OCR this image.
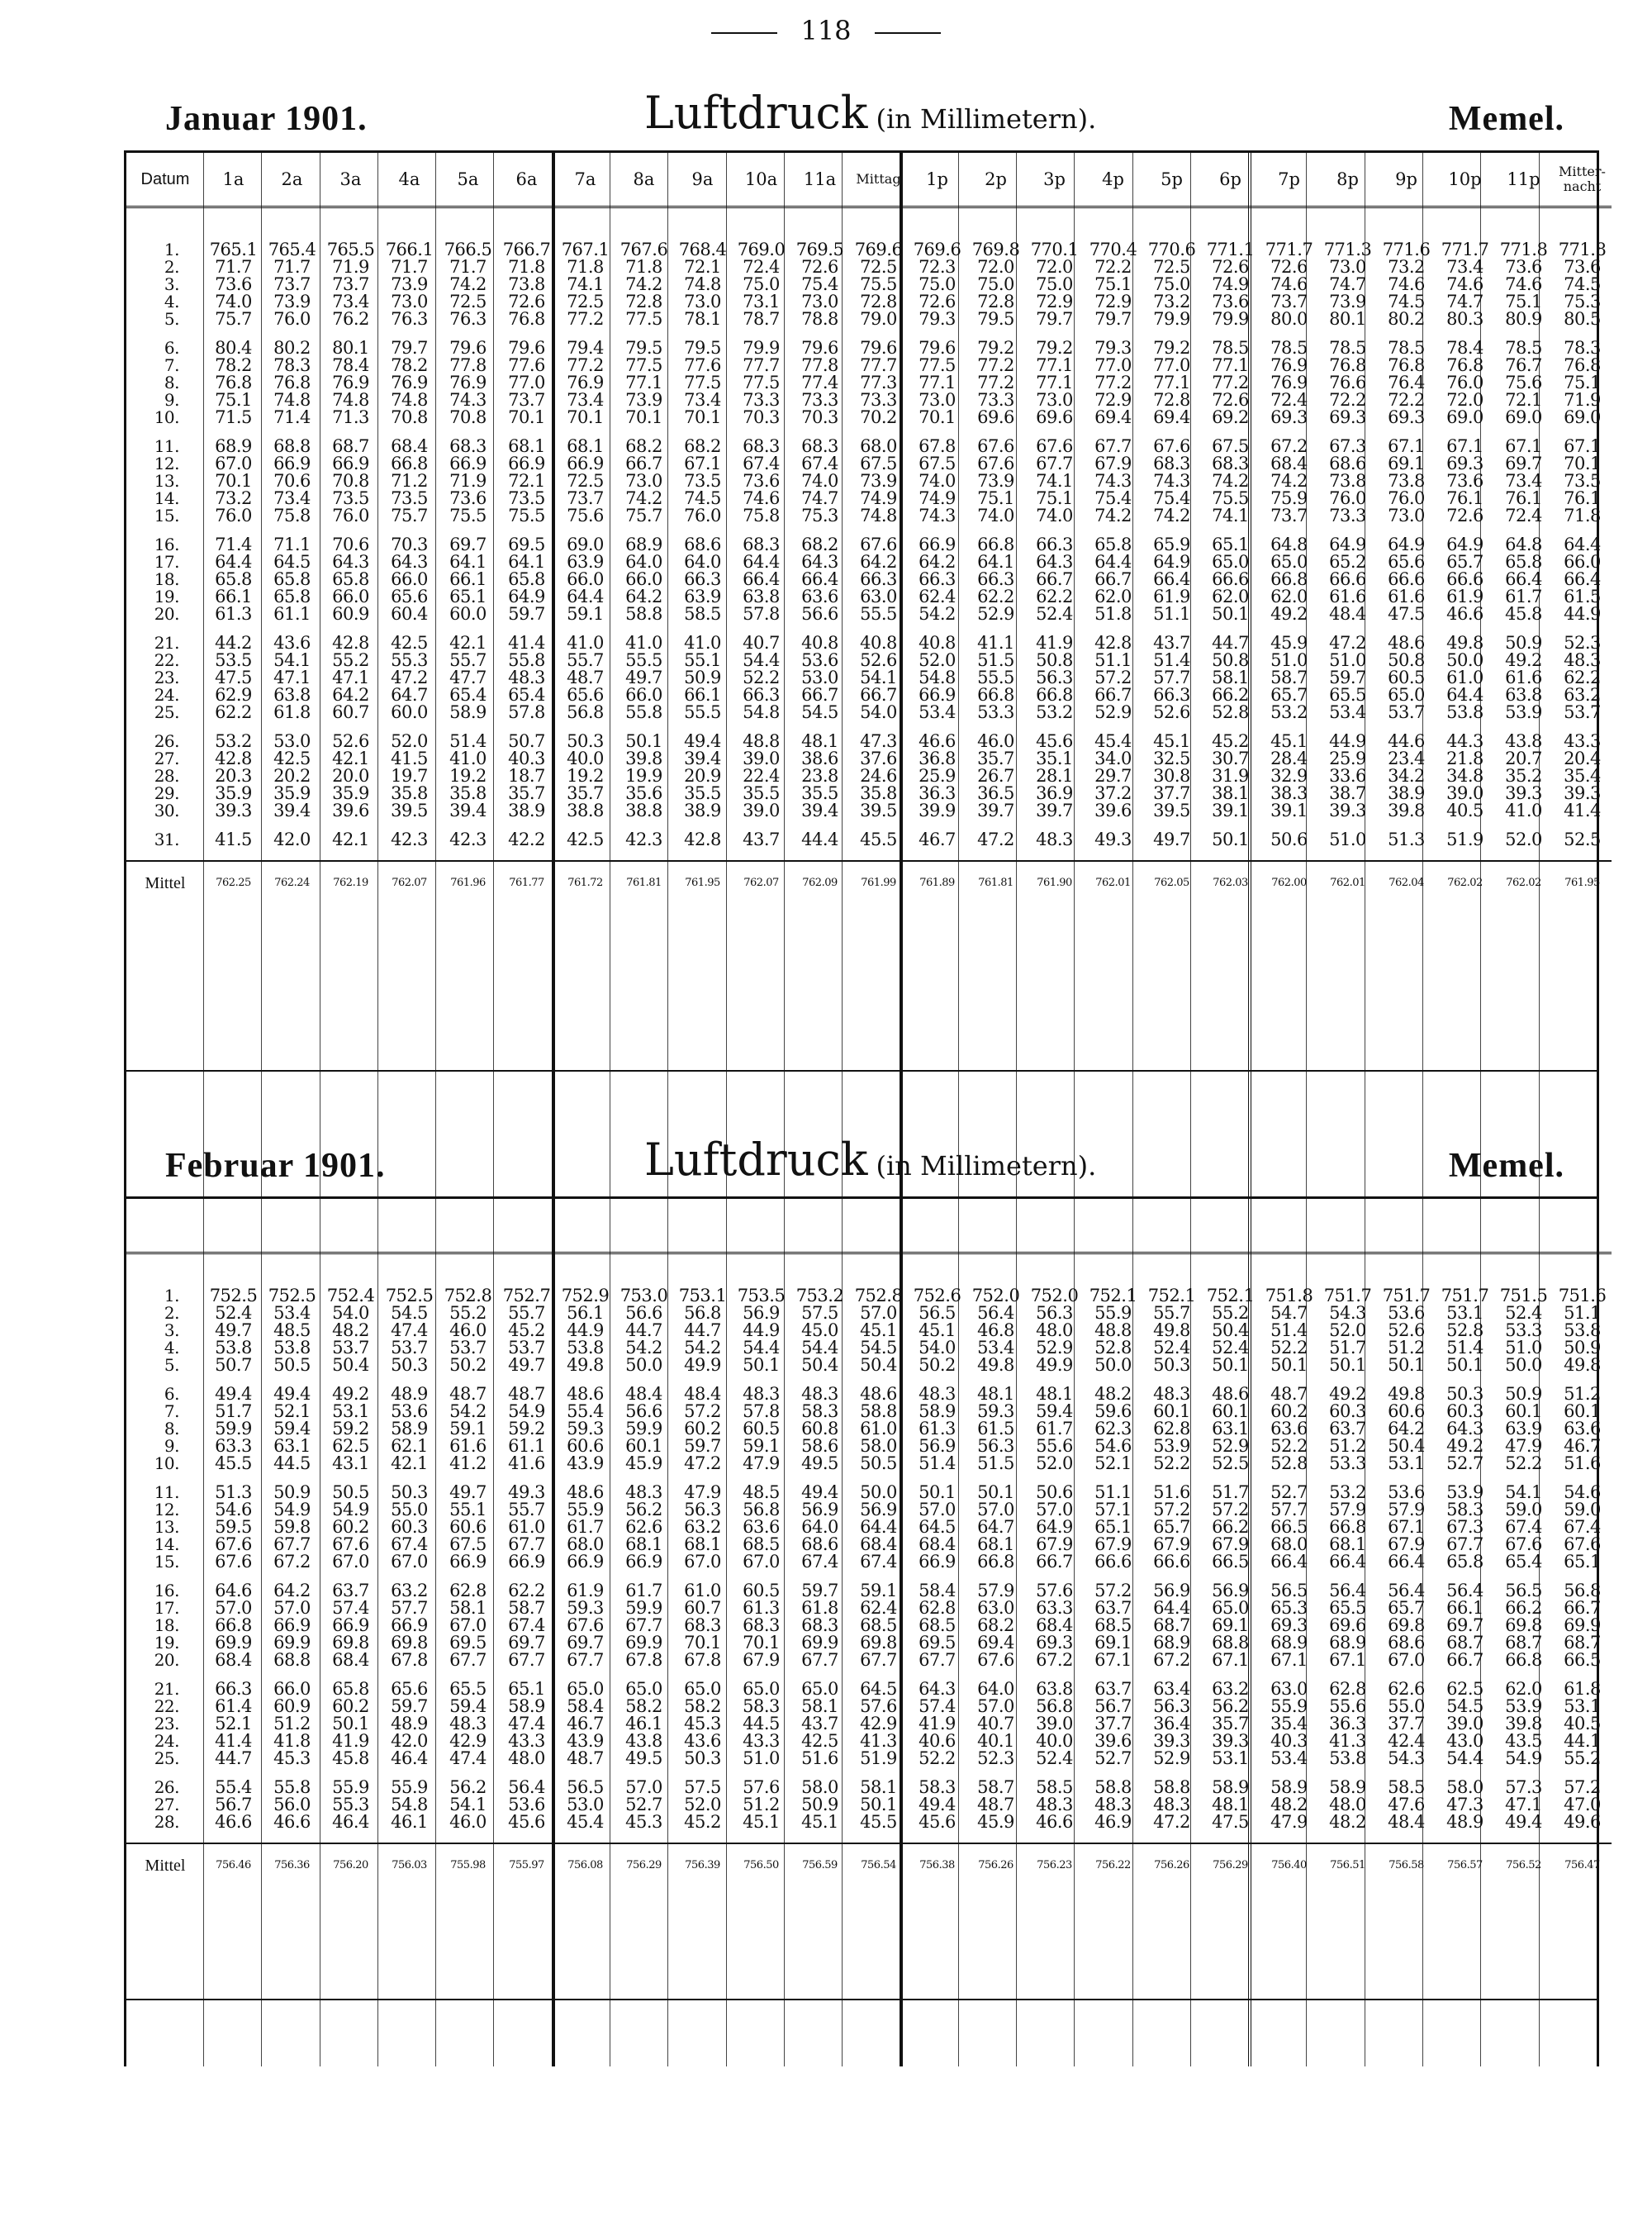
118
Januar 1901.	Luftdruck (in Millimetern).	Memel.
Datum	1a	2a	3a	4a	5a	6a	7a	8a	9a	10a	11a	Mittag	1p	2p	3p	4p	5p	6p	7p	8p	9p	10p	11p	Mitter-nacht

1.	765.1	765.4	765.5	766.1	766.5	766.7	767.1	767.6	768.4	769.0	769.5	769.6	769.6	769.8	770.1	770.4	770.6	771.1	771.7	771.3	771.6	771.7	771.8	771.8
2.	71.7	71.7	71.9	71.7	71.7	71.8	71.8	71.8	72.1	72.4	72.6	72.5	72.3	72.0	72.0	72.2	72.5	72.6	72.6	73.0	73.2	73.4	73.6	73.6
3.	73.6	73.7	73.7	73.9	74.2	73.8	74.1	74.2	74.8	75.0	75.4	75.5	75.0	75.0	75.0	75.1	75.0	74.9	74.6	74.7	74.6	74.6	74.6	74.5
4.	74.0	73.9	73.4	73.0	72.5	72.6	72.5	72.8	73.0	73.1	73.0	72.8	72.6	72.8	72.9	72.9	73.2	73.6	73.7	73.9	74.5	74.7	75.1	75.3
5.	75.7	76.0	76.2	76.3	76.3	76.8	77.2	77.5	78.1	78.7	78.8	79.0	79.3	79.5	79.7	79.7	79.9	79.9	80.0	80.1	80.2	80.3	80.9	80.5

6.	80.4	80.2	80.1	79.7	79.6	79.6	79.4	79.5	79.5	79.9	79.6	79.6	79.6	79.2	79.2	79.3	79.2	78.5	78.5	78.5	78.5	78.4	78.5	78.3
7.	78.2	78.3	78.4	78.2	77.8	77.6	77.2	77.5	77.6	77.7	77.8	77.7	77.5	77.2	77.1	77.0	77.0	77.1	76.9	76.8	76.8	76.8	76.7	76.8
8.	76.8	76.8	76.9	76.9	76.9	77.0	76.9	77.1	77.5	77.5	77.4	77.3	77.1	77.2	77.1	77.2	77.1	77.2	76.9	76.6	76.4	76.0	75.6	75.1
9.	75.1	74.8	74.8	74.8	74.3	73.7	73.4	73.9	73.4	73.3	73.3	73.3	73.0	73.3	73.0	72.9	72.8	72.6	72.4	72.2	72.2	72.0	72.1	71.9
10.	71.5	71.4	71.3	70.8	70.8	70.1	70.1	70.1	70.1	70.3	70.3	70.2	70.1	69.6	69.6	69.4	69.4	69.2	69.3	69.3	69.3	69.0	69.0	69.0

11.	68.9	68.8	68.7	68.4	68.3	68.1	68.1	68.2	68.2	68.3	68.3	68.0	67.8	67.6	67.6	67.7	67.6	67.5	67.2	67.3	67.1	67.1	67.1	67.1
12.	67.0	66.9	66.9	66.8	66.9	66.9	66.9	66.7	67.1	67.4	67.4	67.5	67.5	67.6	67.7	67.9	68.3	68.3	68.4	68.6	69.1	69.3	69.7	70.1
13.	70.1	70.6	70.8	71.2	71.9	72.1	72.5	73.0	73.5	73.6	74.0	73.9	74.0	73.9	74.1	74.3	74.3	74.2	74.2	73.8	73.8	73.6	73.4	73.5
14.	73.2	73.4	73.5	73.5	73.6	73.5	73.7	74.2	74.5	74.6	74.7	74.9	74.9	75.1	75.1	75.4	75.4	75.5	75.9	76.0	76.0	76.1	76.1	76.1
15.	76.0	75.8	76.0	75.7	75.5	75.5	75.6	75.7	76.0	75.8	75.3	74.8	74.3	74.0	74.0	74.2	74.2	74.1	73.7	73.3	73.0	72.6	72.4	71.8

16.	71.4	71.1	70.6	70.3	69.7	69.5	69.0	68.9	68.6	68.3	68.2	67.6	66.9	66.8	66.3	65.8	65.9	65.1	64.8	64.9	64.9	64.9	64.8	64.4
17.	64.4	64.5	64.3	64.3	64.1	64.1	63.9	64.0	64.0	64.4	64.3	64.2	64.2	64.1	64.3	64.4	64.9	65.0	65.0	65.2	65.6	65.7	65.8	66.0
18.	65.8	65.8	65.8	66.0	66.1	65.8	66.0	66.0	66.3	66.4	66.4	66.3	66.3	66.3	66.7	66.7	66.4	66.6	66.8	66.6	66.6	66.6	66.4	66.4
19.	66.1	65.8	66.0	65.6	65.1	64.9	64.4	64.2	63.9	63.8	63.6	63.0	62.4	62.2	62.2	62.0	61.9	62.0	62.0	61.6	61.6	61.9	61.7	61.5
20.	61.3	61.1	60.9	60.4	60.0	59.7	59.1	58.8	58.5	57.8	56.6	55.5	54.2	52.9	52.4	51.8	51.1	50.1	49.2	48.4	47.5	46.6	45.8	44.9

21.	44.2	43.6	42.8	42.5	42.1	41.4	41.0	41.0	41.0	40.7	40.8	40.8	40.8	41.1	41.9	42.8	43.7	44.7	45.9	47.2	48.6	49.8	50.9	52.3
22.	53.5	54.1	55.2	55.3	55.7	55.8	55.7	55.5	55.1	54.4	53.6	52.6	52.0	51.5	50.8	51.1	51.4	50.8	51.0	51.0	50.8	50.0	49.2	48.3
23.	47.5	47.1	47.1	47.2	47.7	48.3	48.7	49.7	50.9	52.2	53.0	54.1	54.8	55.5	56.3	57.2	57.7	58.1	58.7	59.7	60.5	61.0	61.6	62.2
24.	62.9	63.8	64.2	64.7	65.4	65.4	65.6	66.0	66.1	66.3	66.7	66.7	66.9	66.8	66.8	66.7	66.3	66.2	65.7	65.5	65.0	64.4	63.8	63.2
25.	62.2	61.8	60.7	60.0	58.9	57.8	56.8	55.8	55.5	54.8	54.5	54.0	53.4	53.3	53.2	52.9	52.6	52.8	53.2	53.4	53.7	53.8	53.9	53.7

26.	53.2	53.0	52.6	52.0	51.4	50.7	50.3	50.1	49.4	48.8	48.1	47.3	46.6	46.0	45.6	45.4	45.1	45.2	45.1	44.9	44.6	44.3	43.8	43.3
27.	42.8	42.5	42.1	41.5	41.0	40.3	40.0	39.8	39.4	39.0	38.6	37.6	36.8	35.7	35.1	34.0	32.5	30.7	28.4	25.9	23.4	21.8	20.7	20.4
28.	20.3	20.2	20.0	19.7	19.2	18.7	19.2	19.9	20.9	22.4	23.8	24.6	25.9	26.7	28.1	29.7	30.8	31.9	32.9	33.6	34.2	34.8	35.2	35.4
29.	35.9	35.9	35.9	35.8	35.8	35.7	35.7	35.6	35.5	35.5	35.5	35.8	36.3	36.5	36.9	37.2	37.7	38.1	38.3	38.7	38.9	39.0	39.3	39.3
30.	39.3	39.4	39.6	39.5	39.4	38.9	38.8	38.8	38.9	39.0	39.4	39.5	39.9	39.7	39.7	39.6	39.5	39.1	39.1	39.3	39.8	40.5	41.0	41.4

31.	41.5	42.0	42.1	42.3	42.3	42.2	42.5	42.3	42.8	43.7	44.4	45.5	46.7	47.2	48.3	49.3	49.7	50.1	50.6	51.0	51.3	51.9	52.0	52.5

Mittel	762.25	762.24	762.19	762.07	761.96	761.77	761.72	761.81	761.95	762.07	762.09	761.99	761.89	761.81	761.90	762.01	762.05	762.03	762.00	762.01	762.04	762.02	762.02	761.95
Februar 1901.	Luftdruck (in Millimetern).	Memel.

1.	752.5	752.5	752.4	752.5	752.8	752.7	752.9	753.0	753.1	753.5	753.2	752.8	752.6	752.0	752.0	752.1	752.1	752.1	751.8	751.7	751.7	751.7	751.5	751.6
2.	52.4	53.4	54.0	54.5	55.2	55.7	56.1	56.6	56.8	56.9	57.5	57.0	56.5	56.4	56.3	55.9	55.7	55.2	54.7	54.3	53.6	53.1	52.4	51.1
3.	49.7	48.5	48.2	47.4	46.0	45.2	44.9	44.7	44.7	44.9	45.0	45.1	45.1	46.8	48.0	48.8	49.8	50.4	51.4	52.0	52.6	52.8	53.3	53.8
4.	53.8	53.8	53.7	53.7	53.7	53.7	53.8	54.2	54.2	54.4	54.4	54.5	54.0	53.4	52.9	52.8	52.4	52.4	52.2	51.7	51.2	51.4	51.0	50.9
5.	50.7	50.5	50.4	50.3	50.2	49.7	49.8	50.0	49.9	50.1	50.4	50.4	50.2	49.8	49.9	50.0	50.3	50.1	50.1	50.1	50.1	50.1	50.0	49.8

6.	49.4	49.4	49.2	48.9	48.7	48.7	48.6	48.4	48.4	48.3	48.3	48.6	48.3	48.1	48.1	48.2	48.3	48.6	48.7	49.2	49.8	50.3	50.9	51.2
7.	51.7	52.1	53.1	53.6	54.2	54.9	55.4	56.6	57.2	57.8	58.3	58.8	58.9	59.3	59.4	59.6	60.1	60.1	60.2	60.3	60.6	60.3	60.1	60.1
8.	59.9	59.4	59.2	58.9	59.1	59.2	59.3	59.9	60.2	60.5	60.8	61.0	61.3	61.5	61.7	62.3	62.8	63.1	63.6	63.7	64.2	64.3	63.9	63.6
9.	63.3	63.1	62.5	62.1	61.6	61.1	60.6	60.1	59.7	59.1	58.6	58.0	56.9	56.3	55.6	54.6	53.9	52.9	52.2	51.2	50.4	49.2	47.9	46.7
10.	45.5	44.5	43.1	42.1	41.2	41.6	43.9	45.9	47.2	47.9	49.5	50.5	51.4	51.5	52.0	52.1	52.2	52.5	52.8	53.3	53.1	52.7	52.2	51.6

11.	51.3	50.9	50.5	50.3	49.7	49.3	48.6	48.3	47.9	48.5	49.4	50.0	50.1	50.1	50.6	51.1	51.6	51.7	52.7	53.2	53.6	53.9	54.1	54.6
12.	54.6	54.9	54.9	55.0	55.1	55.7	55.9	56.2	56.3	56.8	56.9	56.9	57.0	57.0	57.0	57.1	57.2	57.2	57.7	57.9	57.9	58.3	59.0	59.0
13.	59.5	59.8	60.2	60.3	60.6	61.0	61.7	62.6	63.2	63.6	64.0	64.4	64.5	64.7	64.9	65.1	65.7	66.2	66.5	66.8	67.1	67.3	67.4	67.4
14.	67.6	67.7	67.6	67.4	67.5	67.7	68.0	68.1	68.1	68.5	68.6	68.4	68.4	68.1	67.9	67.9	67.9	67.9	68.0	68.1	67.9	67.7	67.6	67.6
15.	67.6	67.2	67.0	67.0	66.9	66.9	66.9	66.9	67.0	67.0	67.4	67.4	66.9	66.8	66.7	66.6	66.6	66.5	66.4	66.4	66.4	65.8	65.4	65.1

16.	64.6	64.2	63.7	63.2	62.8	62.2	61.9	61.7	61.0	60.5	59.7	59.1	58.4	57.9	57.6	57.2	56.9	56.9	56.5	56.4	56.4	56.4	56.5	56.8
17.	57.0	57.0	57.4	57.7	58.1	58.7	59.3	59.9	60.7	61.3	61.8	62.4	62.8	63.0	63.3	63.7	64.4	65.0	65.3	65.5	65.7	66.1	66.2	66.7
18.	66.8	66.9	66.9	66.9	67.0	67.4	67.6	67.7	68.3	68.3	68.3	68.5	68.5	68.2	68.4	68.5	68.7	69.1	69.3	69.6	69.8	69.7	69.8	69.9
19.	69.9	69.9	69.8	69.8	69.5	69.7	69.7	69.9	70.1	70.1	69.9	69.8	69.5	69.4	69.3	69.1	68.9	68.8	68.9	68.9	68.6	68.7	68.7	68.7
20.	68.4	68.8	68.4	67.8	67.7	67.7	67.7	67.8	67.8	67.9	67.7	67.7	67.7	67.6	67.2	67.1	67.2	67.1	67.1	67.1	67.0	66.7	66.8	66.5

21.	66.3	66.0	65.8	65.6	65.5	65.1	65.0	65.0	65.0	65.0	65.0	64.5	64.3	64.0	63.8	63.7	63.4	63.2	63.0	62.8	62.6	62.5	62.0	61.8
22.	61.4	60.9	60.2	59.7	59.4	58.9	58.4	58.2	58.2	58.3	58.1	57.6	57.4	57.0	56.8	56.7	56.3	56.2	55.9	55.6	55.0	54.5	53.9	53.1
23.	52.1	51.2	50.1	48.9	48.3	47.4	46.7	46.1	45.3	44.5	43.7	42.9	41.9	40.7	39.0	37.7	36.4	35.7	35.4	36.3	37.7	39.0	39.8	40.5
24.	41.4	41.8	41.9	42.0	42.9	43.3	43.9	43.8	43.6	43.3	42.5	41.3	40.6	40.1	40.0	39.6	39.3	39.3	40.3	41.3	42.4	43.0	43.5	44.1
25.	44.7	45.3	45.8	46.4	47.4	48.0	48.7	49.5	50.3	51.0	51.6	51.9	52.2	52.3	52.4	52.7	52.9	53.1	53.4	53.8	54.3	54.4	54.9	55.2

26.	55.4	55.8	55.9	55.9	56.2	56.4	56.5	57.0	57.5	57.6	58.0	58.1	58.3	58.7	58.5	58.8	58.8	58.9	58.9	58.9	58.5	58.0	57.3	57.2
27.	56.7	56.0	55.3	54.8	54.1	53.6	53.0	52.7	52.0	51.2	50.9	50.1	49.4	48.7	48.3	48.3	48.3	48.1	48.2	48.0	47.6	47.3	47.1	47.0
28.	46.6	46.6	46.4	46.1	46.0	45.6	45.4	45.3	45.2	45.1	45.1	45.5	45.6	45.9	46.6	46.9	47.2	47.5	47.9	48.2	48.4	48.9	49.4	49.6

Mittel	756.46	756.36	756.20	756.03	755.98	755.97	756.08	756.29	756.39	756.50	756.59	756.54	756.38	756.26	756.23	756.22	756.26	756.29	756.40	756.51	756.58	756.57	756.52	756.47
